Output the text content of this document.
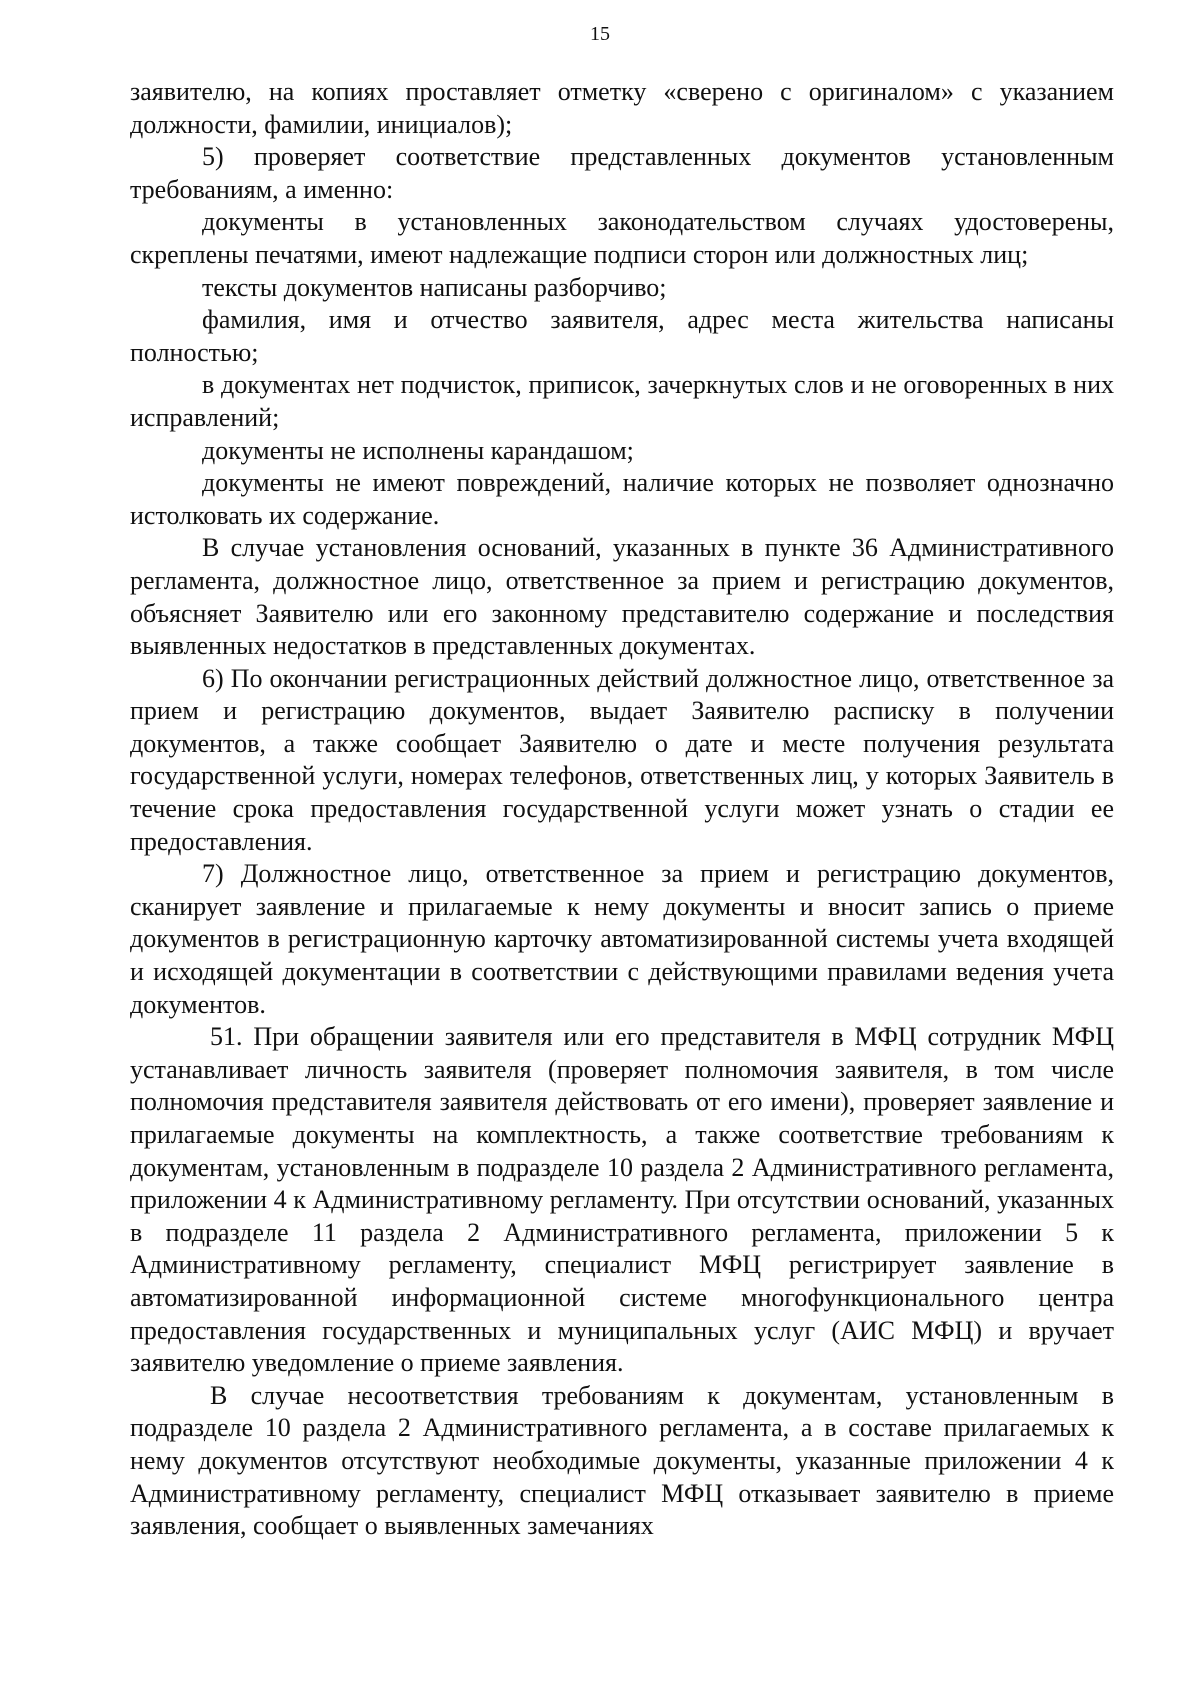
15

заявителю, на копиях проставляет отметку «сверено с оригиналом» с указанием должности, фамилии, инициалов);

5) проверяет соответствие представленных документов установленным требованиям, а именно:

документы в установленных законодательством случаях удостоверены, скреплены печатями, имеют надлежащие подписи сторон или должностных лиц;

тексты документов написаны разборчиво;

фамилия, имя и отчество заявителя, адрес места жительства написаны полностью;

в документах нет подчисток, приписок, зачеркнутых слов и не оговоренных в них исправлений;

документы не исполнены карандашом;

документы не имеют повреждений, наличие которых не позволяет однозначно истолковать их содержание.

В случае установления оснований, указанных в пункте 36 Административного регламента, должностное лицо, ответственное за прием и регистрацию документов, объясняет Заявителю или его законному представителю содержание и последствия выявленных недостатков в представленных документах.

6) По окончании регистрационных действий должностное лицо, ответственное за прием и регистрацию документов, выдает Заявителю расписку в получении документов, а также сообщает Заявителю о дате и месте получения результата государственной услуги, номерах телефонов, ответственных лиц, у которых Заявитель в течение срока предоставления государственной услуги может узнать о стадии ее предоставления.

7) Должностное лицо, ответственное за прием и регистрацию документов, сканирует заявление и прилагаемые к нему документы и вносит запись о приеме документов в регистрационную карточку автоматизированной системы учета входящей и исходящей документации в соответствии с действующими правилами ведения учета документов.

51. При обращении заявителя или его представителя в МФЦ сотрудник МФЦ устанавливает личность заявителя (проверяет полномочия заявителя, в том числе полномочия представителя заявителя действовать от его имени), проверяет заявление и прилагаемые документы на комплектность, а также соответствие требованиям к документам, установленным в подразделе 10 раздела 2 Административного регламента, приложении 4 к Административному регламенту. При отсутствии оснований, указанных в подразделе 11 раздела 2 Административного регламента, приложении 5 к Административному регламенту, специалист МФЦ регистрирует заявление в автоматизированной информационной системе многофункционального центра предоставления государственных и муниципальных услуг (АИС МФЦ) и вручает заявителю уведомление о приеме заявления.

В случае несоответствия требованиям к документам, установленным в подразделе 10 раздела 2 Административного регламента, а в составе прилагаемых к нему документов отсутствуют необходимые документы, указанные приложении 4 к Административному регламенту, специалист МФЦ отказывает заявителю в приеме заявления, сообщает о выявленных замечаниях
